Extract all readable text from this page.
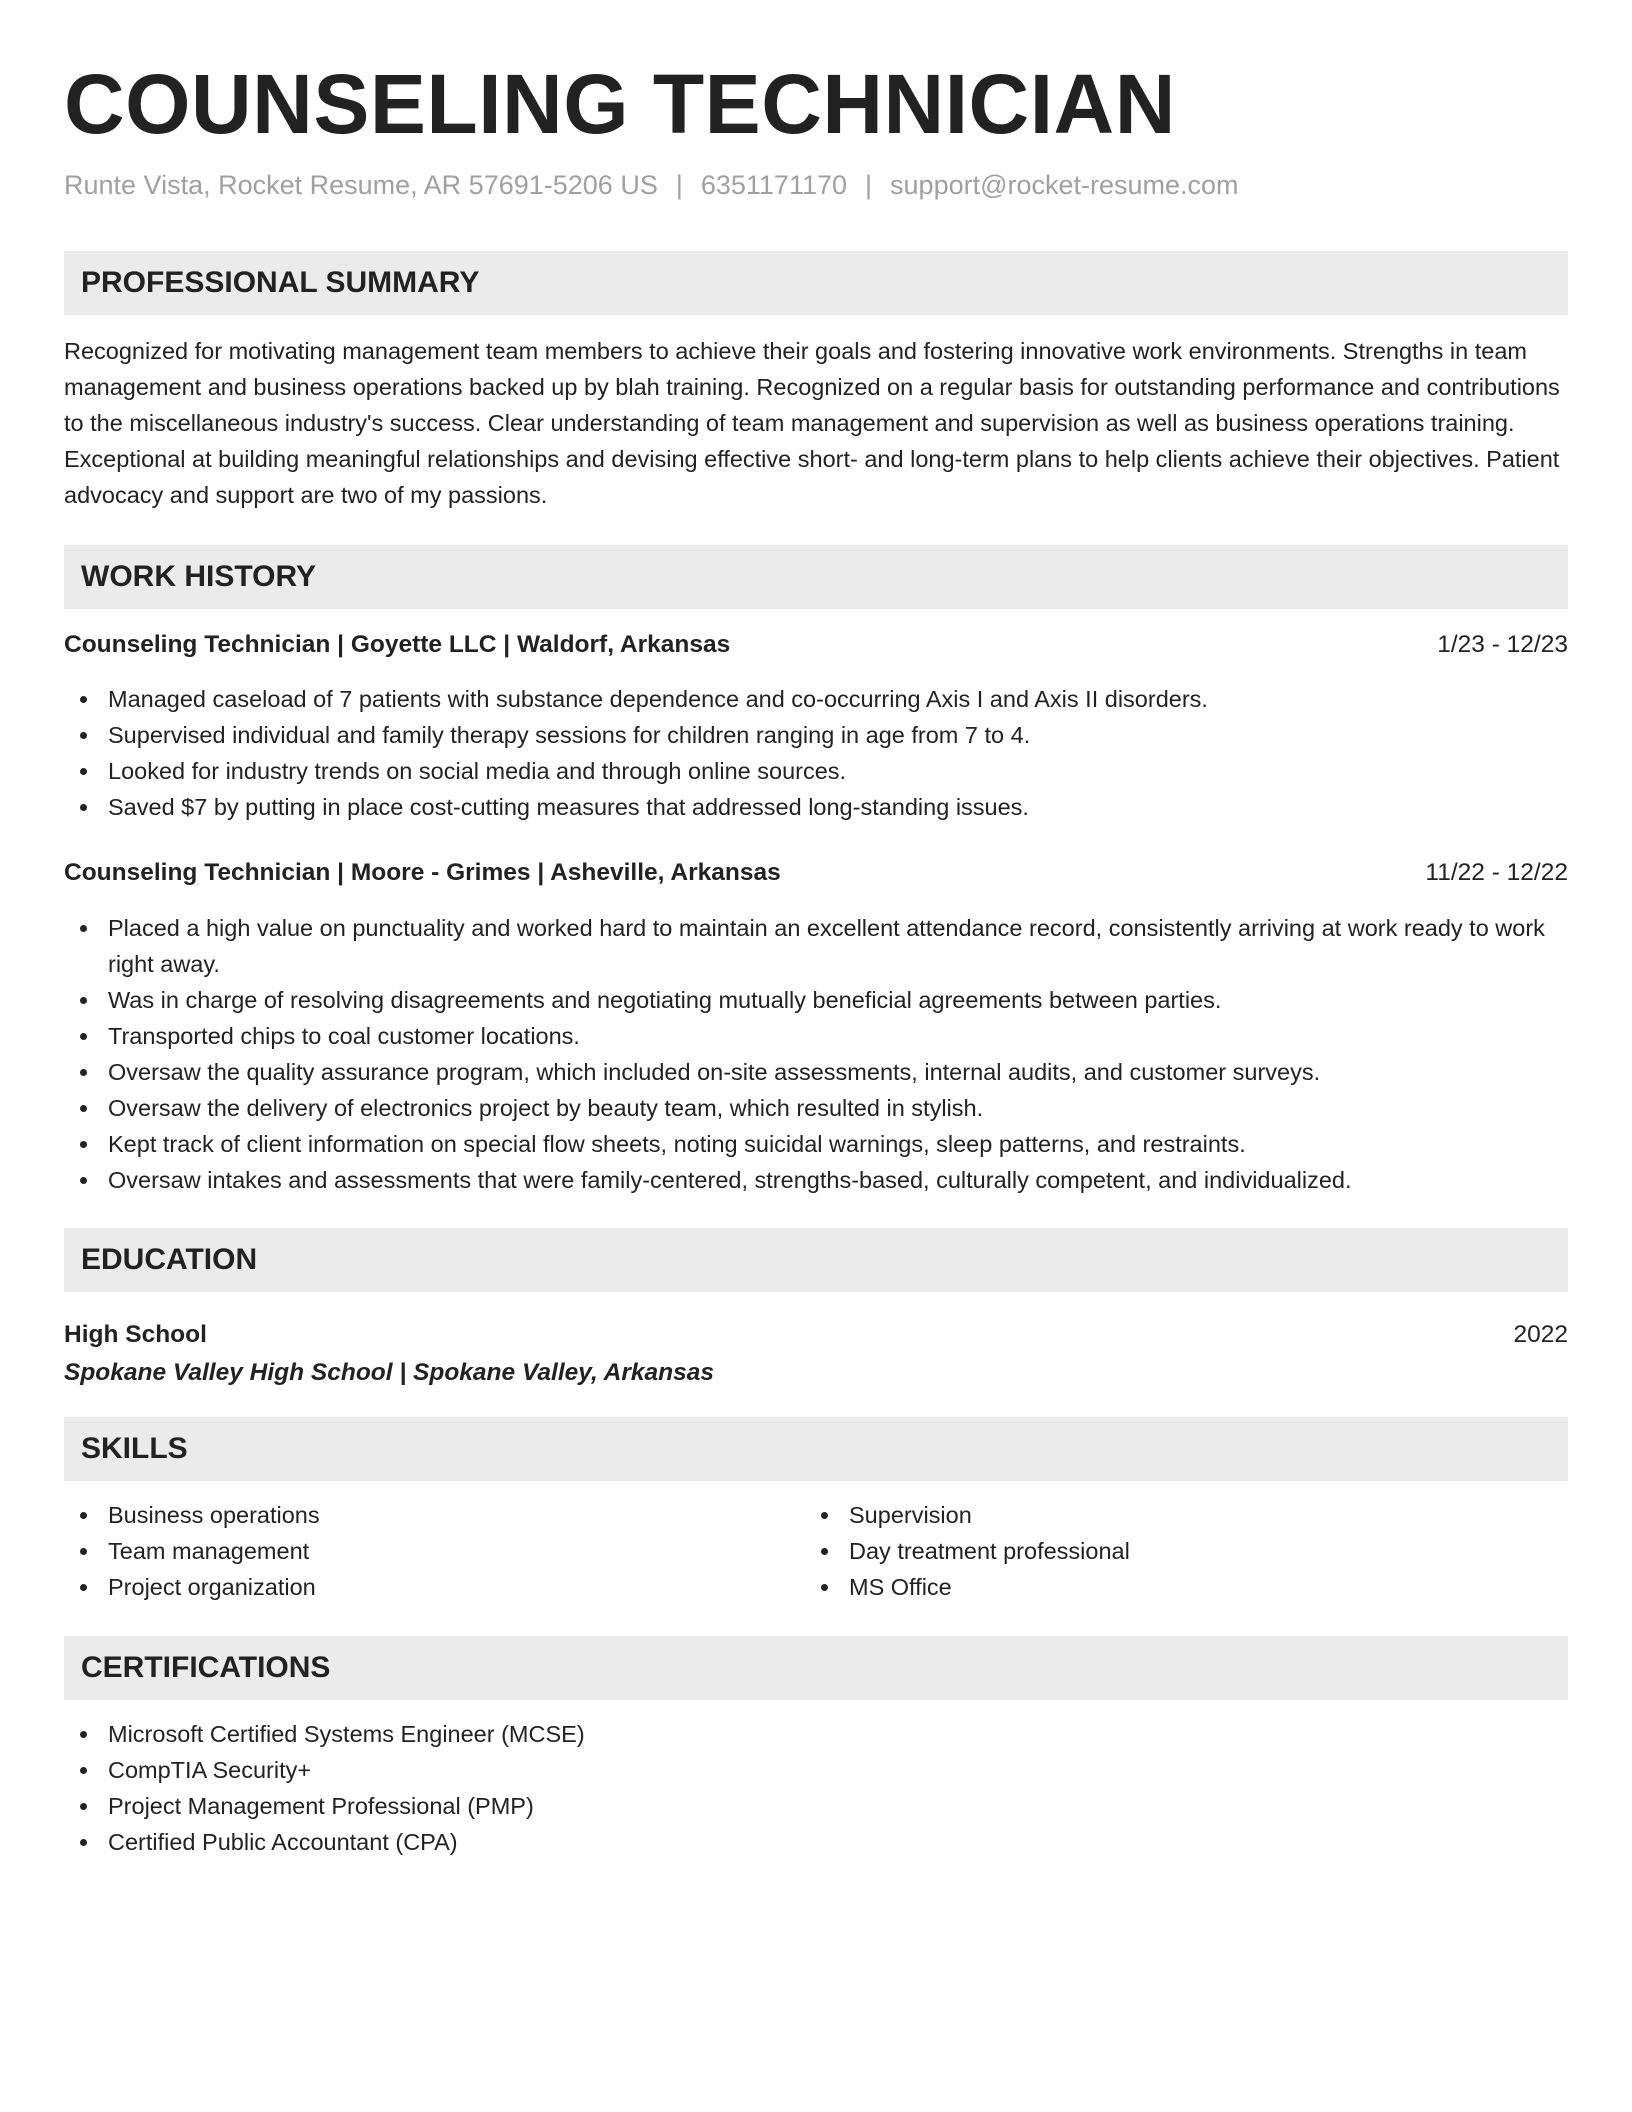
COUNSELING TECHNICIAN
Runte Vista, Rocket Resume, AR 57691-5206 US | 6351171170 | support@rocket-resume.com
PROFESSIONAL SUMMARY
Recognized for motivating management team members to achieve their goals and fostering innovative work environments. Strengths in team management and business operations backed up by blah training. Recognized on a regular basis for outstanding performance and contributions to the miscellaneous industry's success. Clear understanding of team management and supervision as well as business operations training. Exceptional at building meaningful relationships and devising effective short- and long-term plans to help clients achieve their objectives. Patient advocacy and support are two of my passions.
WORK HISTORY
Counseling Technician | Goyette LLC | Waldorf, Arkansas	1/23 - 12/23
Managed caseload of 7 patients with substance dependence and co-occurring Axis I and Axis II disorders.
Supervised individual and family therapy sessions for children ranging in age from 7 to 4.
Looked for industry trends on social media and through online sources.
Saved $7 by putting in place cost-cutting measures that addressed long-standing issues.
Counseling Technician | Moore - Grimes | Asheville, Arkansas	11/22 - 12/22
Placed a high value on punctuality and worked hard to maintain an excellent attendance record, consistently arriving at work ready to work right away.
Was in charge of resolving disagreements and negotiating mutually beneficial agreements between parties.
Transported chips to coal customer locations.
Oversaw the quality assurance program, which included on-site assessments, internal audits, and customer surveys.
Oversaw the delivery of electronics project by beauty team, which resulted in stylish.
Kept track of client information on special flow sheets, noting suicidal warnings, sleep patterns, and restraints.
Oversaw intakes and assessments that were family-centered, strengths-based, culturally competent, and individualized.
EDUCATION
High School	2022
Spokane Valley High School | Spokane Valley, Arkansas
SKILLS
Business operations
Team management
Project organization
Supervision
Day treatment professional
MS Office
CERTIFICATIONS
Microsoft Certified Systems Engineer (MCSE)
CompTIA Security+
Project Management Professional (PMP)
Certified Public Accountant (CPA)
